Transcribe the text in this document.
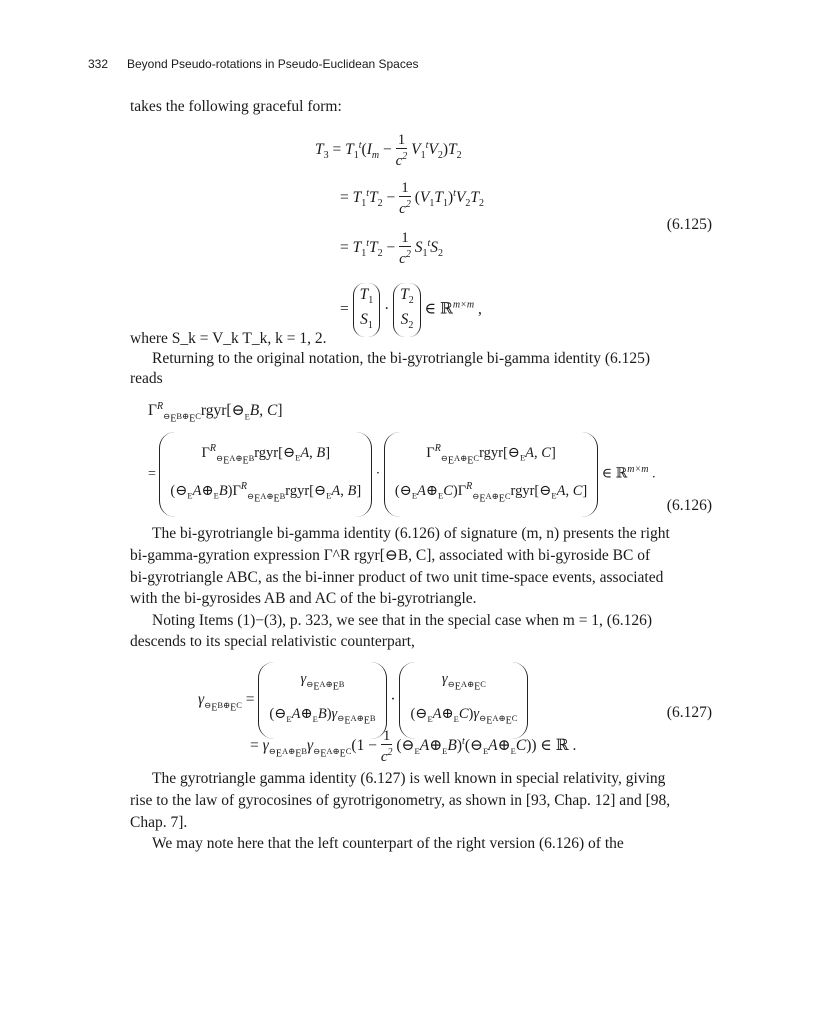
332 Beyond Pseudo-rotations in Pseudo-Euclidean Spaces
takes the following graceful form:
$T_3 = T_1^t(I_m - \frac{1}{c^2} V_1^tV_2)T_2$
= $T_1^tT_2 - \frac{1}{c^2} (V_1T_1)^tV_2T_2$
= $T_1^tT_2 - \frac{1}{c^2} S_1^tS_2$
= $T_1$
$S_1 \cdot T_2$
$S_2$ ∈ ℝ$^{m\times m}$ ,
(6.125)
where S_k = V_k T_k, k = 1, 2.
Returning to the original notation, the bi-gyrotriangle bi-gamma identity (6.125)
reads
$\Gamma^R_{⊖_EB\oplus_EC}rgyr[⊖_EB$, C]
= $\Gamma^R_{⊖_EA\oplus_EB}rgyr[⊖_EA$, B]
$(⊖_EA\oplus_EB)\Gamma^R_{⊖_EA\oplus_EB}rgyr[⊖_EA$, $B] \cdot \Gamma^R_{⊖_EA\oplus_EC}rgyr[⊖_EA$, C]
$(⊖_EA\oplus_EC)\Gamma^R_{⊖_EA\oplus_EC}rgyr[⊖_EA$, C] ∈ ℝ$^{m\times m}$ .
(6.126)
The bi-gyrotriangle bi-gamma identity (6.126) of signature (m, n) presents the right
bi-gamma-gyration expression Γ^R rgyr[⊖B, C], associated with bi-gyroside BC of
bi-gyrotriangle ABC, as the bi-inner product of two unit time-space events, associated
with the bi-gyrosides AB and AC of the bi-gyrotriangle.
Noting Items (1)−(3), p. 323, we see that in the special case when m = 1, (6.126)
descends to its special relativistic counterpart,
$\gamma_{⊖_EB\oplus_EC} = \gamma_{⊖_EA\oplus_EB}$
$(⊖_EA\oplus_EB)\gamma_{⊖_EA\oplus_EB} \cdot \gamma_{⊖_EA\oplus_EC}$
$(⊖_EA\oplus_EC)\gamma_{⊖_EA\oplus_EC}$
= $\gamma_{⊖_EA\oplus_EB}\gamma_{⊖_EA\oplus_EC}(1 - \frac{1}{c^2}$ $(⊖_EA\oplus_EB)^t(⊖_EA\oplus_EC)$) ∈ ℝ .
(6.127)
The gyrotriangle gamma identity (6.127) is well known in special relativity, giving
rise to the law of gyrocosines of gyrotrigonometry, as shown in [93, Chap. 12] and [98,
Chap. 7].
We may note here that the left counterpart of the right version (6.126) of the
